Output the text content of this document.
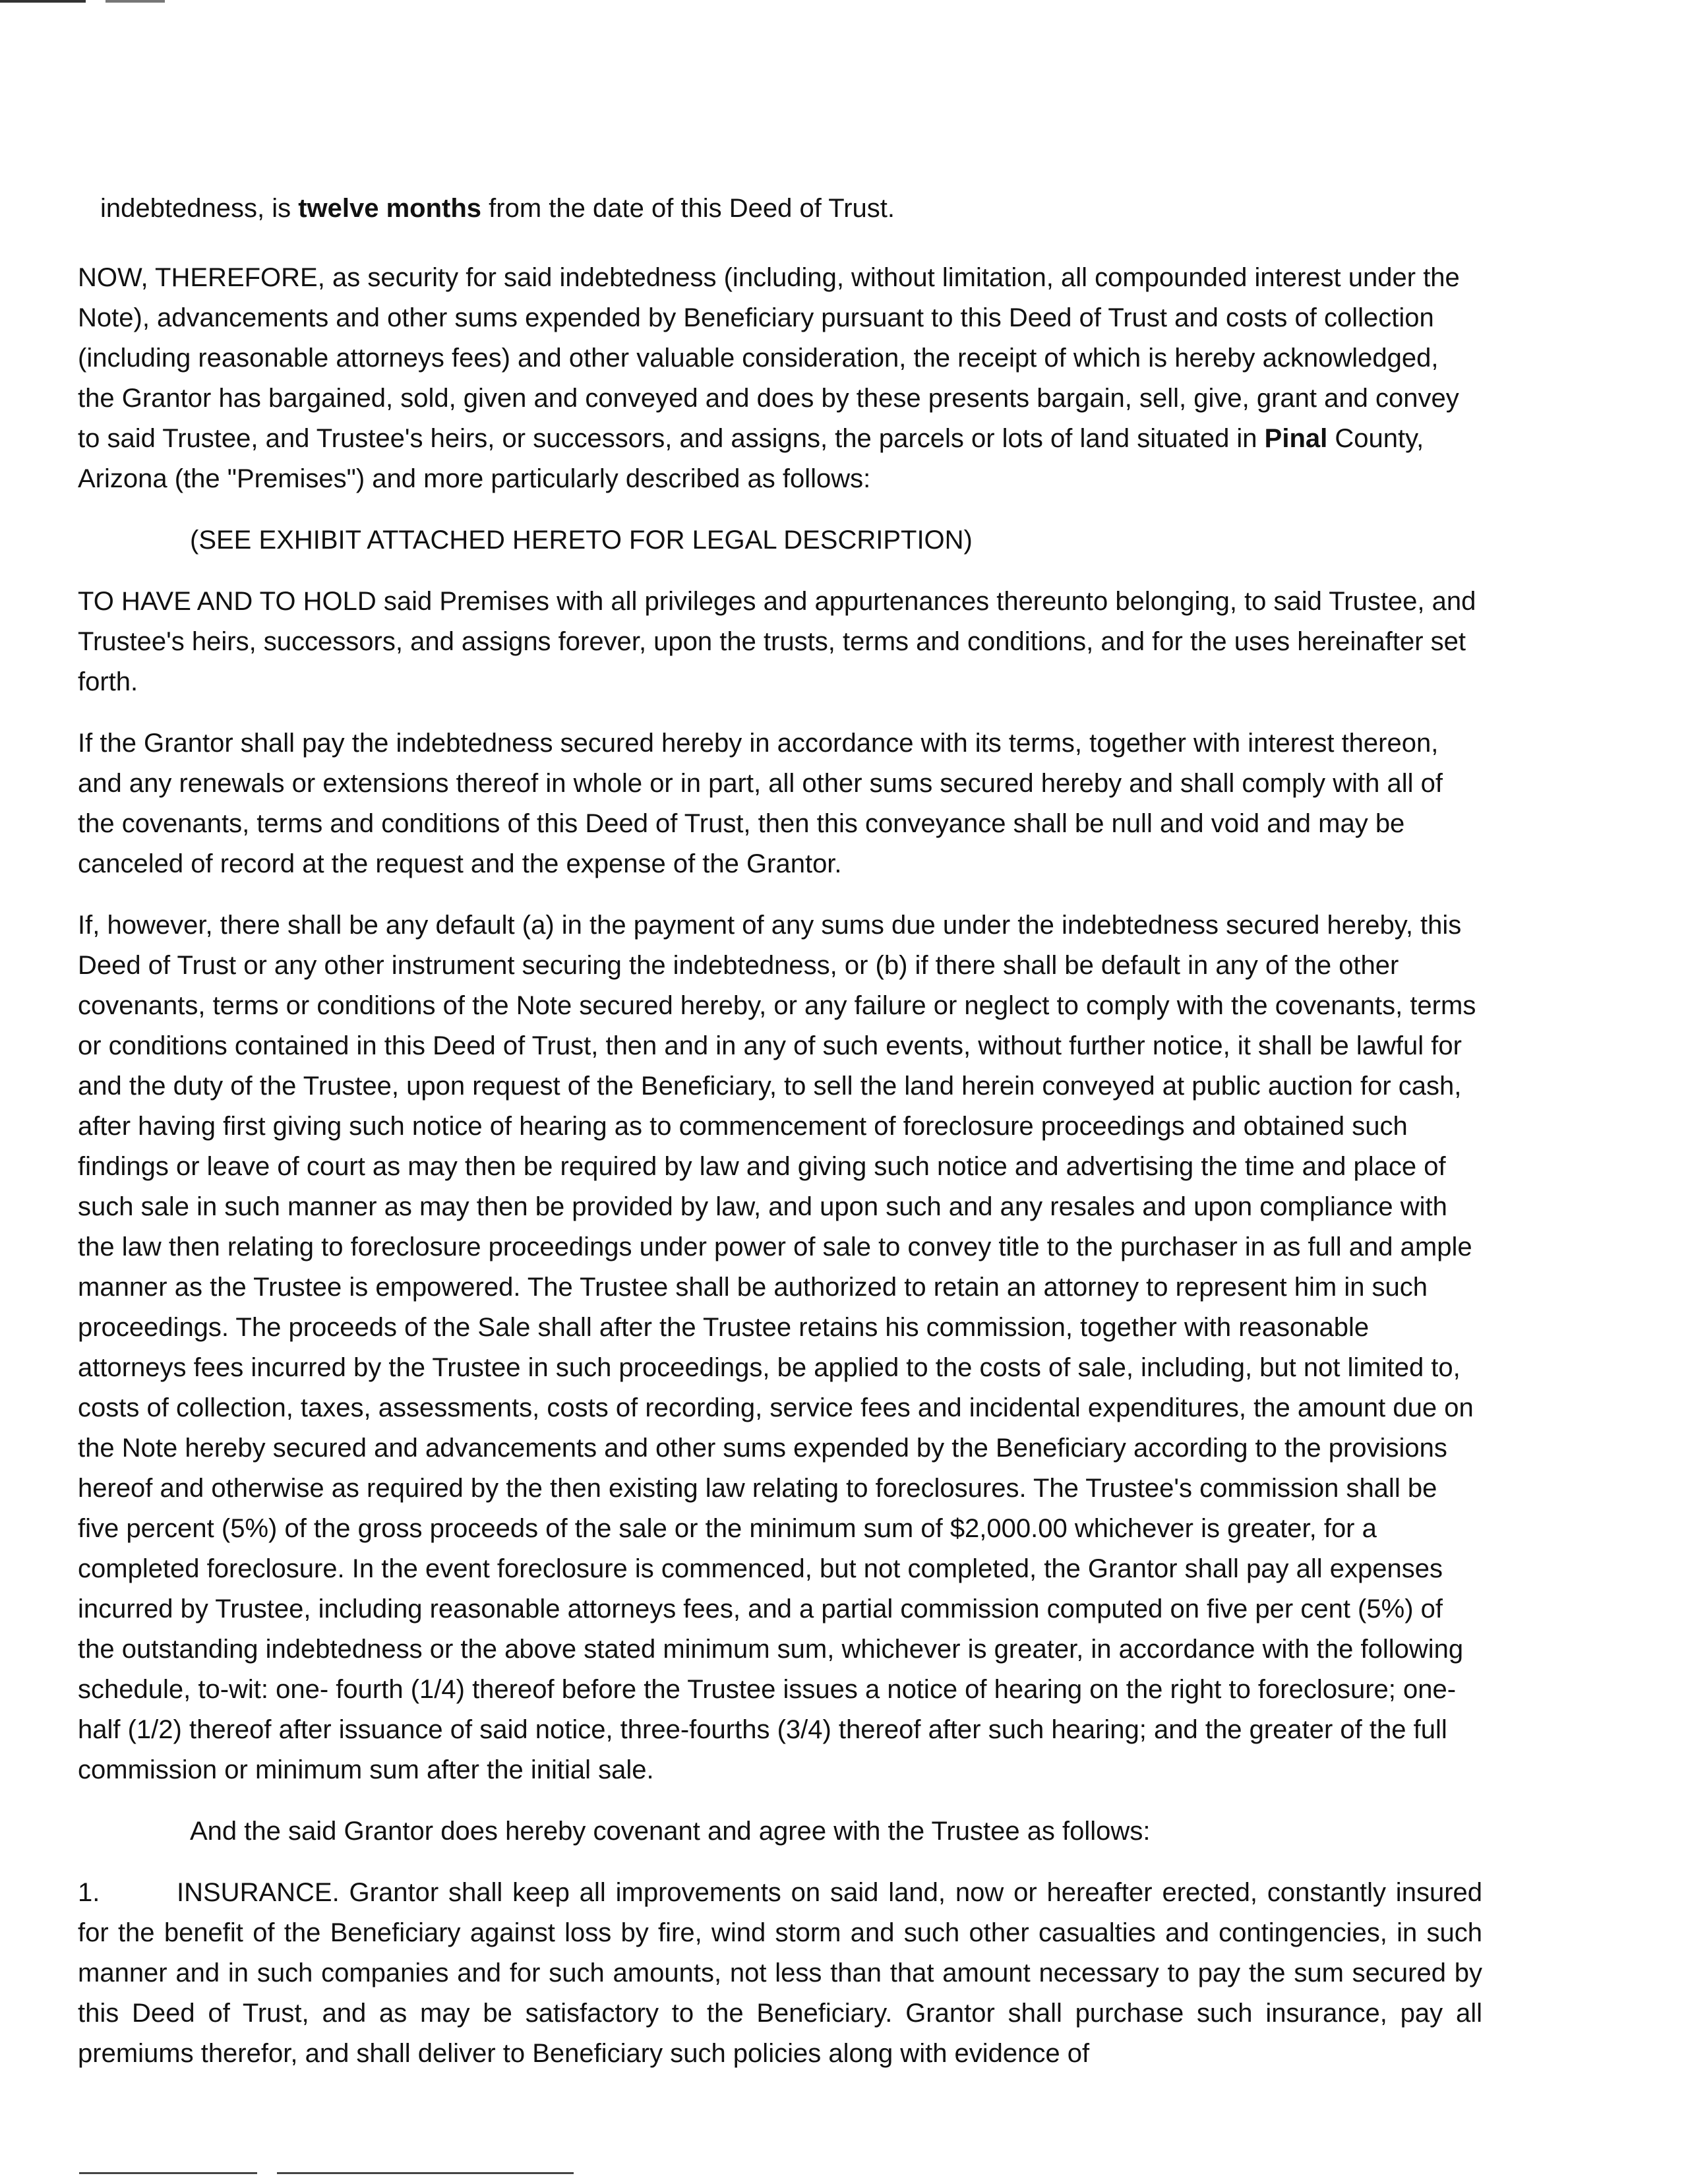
indebtedness, is twelve months from the date of this Deed of Trust.

NOW, THEREFORE, as security for said indebtedness (including, without limitation, all compounded interest under the Note), advancements and other sums expended by Beneficiary pursuant to this Deed of Trust and costs of collection (including reasonable attorneys fees) and other valuable consideration, the receipt of which is hereby acknowledged, the Grantor has bargained, sold, given and conveyed and does by these presents bargain, sell, give, grant and convey to said Trustee, and Trustee's heirs, or successors, and assigns, the parcels or lots of land situated in Pinal County, Arizona (the "Premises") and more particularly described as follows:

(SEE EXHIBIT ATTACHED HERETO FOR LEGAL DESCRIPTION)

TO HAVE AND TO HOLD said Premises with all privileges and appurtenances thereunto belonging, to said Trustee, and Trustee's heirs, successors, and assigns forever, upon the trusts, terms and conditions, and for the uses hereinafter set forth.

If the Grantor shall pay the indebtedness secured hereby in accordance with its terms, together with interest thereon, and any renewals or extensions thereof in whole or in part, all other sums secured hereby and shall comply with all of the covenants, terms and conditions of this Deed of Trust, then this conveyance shall be null and void and may be canceled of record at the request and the expense of the Grantor.

If, however, there shall be any default (a) in the payment of any sums due under the indebtedness secured hereby, this Deed of Trust or any other instrument securing the indebtedness, or (b) if there shall be default in any of the other covenants, terms or conditions of the Note secured hereby, or any failure or neglect to comply with the covenants, terms or conditions contained in this Deed of Trust, then and in any of such events, without further notice, it shall be lawful for and the duty of the Trustee, upon request of the Beneficiary, to sell the land herein conveyed at public auction for cash, after having first giving such notice of hearing as to commencement of foreclosure proceedings and obtained such findings or leave of court as may then be required by law and giving such notice and advertising the time and place of such sale in such manner as may then be provided by law, and upon such and any resales and upon compliance with the law then relating to foreclosure proceedings under power of sale to convey title to the purchaser in as full and ample manner as the Trustee is empowered. The Trustee shall be authorized to retain an attorney to represent him in such proceedings. The proceeds of the Sale shall after the Trustee retains his commission, together with reasonable attorneys fees incurred by the Trustee in such proceedings, be applied to the costs of sale, including, but not limited to, costs of collection, taxes, assessments, costs of recording, service fees and incidental expenditures, the amount due on the Note hereby secured and advancements and other sums expended by the Beneficiary according to the provisions hereof and otherwise as required by the then existing law relating to foreclosures. The Trustee's commission shall be five percent (5%) of the gross proceeds of the sale or the minimum sum of $2,000.00 whichever is greater, for a completed foreclosure. In the event foreclosure is commenced, but not completed, the Grantor shall pay all expenses incurred by Trustee, including reasonable attorneys fees, and a partial commission computed on five per cent (5%) of the outstanding indebtedness or the above stated minimum sum, whichever is greater, in accordance with the following schedule, to-wit: one- fourth (1/4) thereof before the Trustee issues a notice of hearing on the right to foreclosure; one-half (1/2) thereof after issuance of said notice, three-fourths (3/4) thereof after such hearing; and the greater of the full commission or minimum sum after the initial sale.

And the said Grantor does hereby covenant and agree with the Trustee as follows:

1.	INSURANCE. Grantor shall keep all improvements on said land, now or hereafter erected, constantly insured for the benefit of the Beneficiary against loss by fire, wind storm and such other casualties and contingencies, in such manner and in such companies and for such amounts, not less than that amount necessary to pay the sum secured by this Deed of Trust, and as may be satisfactory to the Beneficiary. Grantor shall purchase such insurance, pay all premiums therefor, and shall deliver to Beneficiary such policies along with evidence of
